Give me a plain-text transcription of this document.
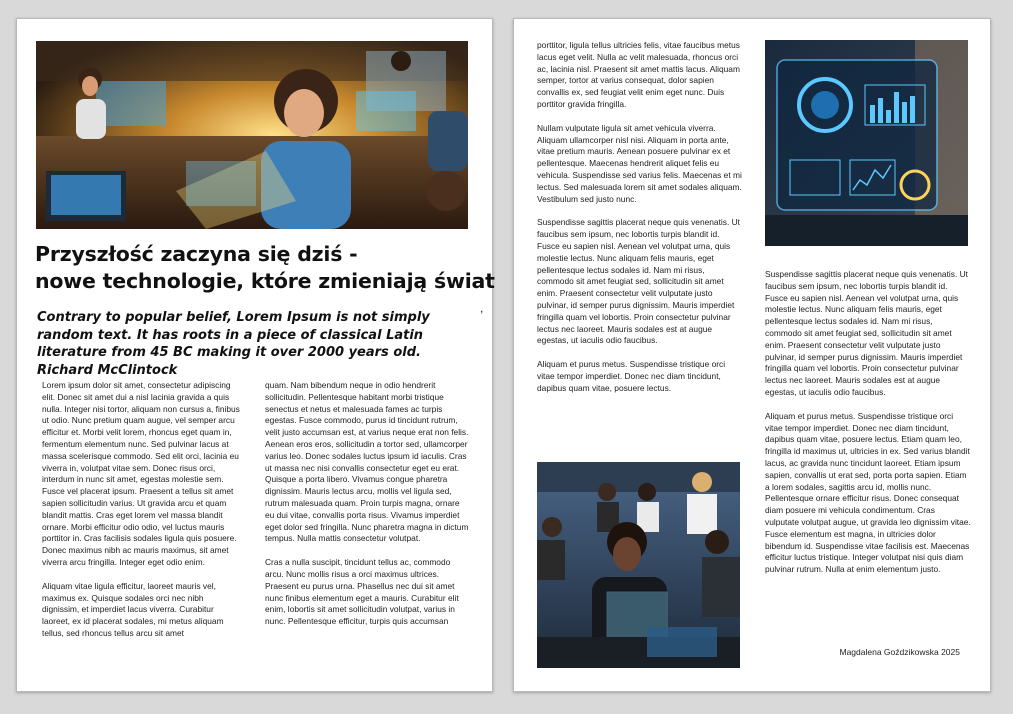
Przyszłość zaczyna się dziś -
nowe technologie, które zmieniają świat
,
Contrary to popular belief, Lorem Ipsum is not simply random text. It has roots in a piece of classical Latin literature from 45 BC making it over 2000 years old. Richard McClintock

Lorem ipsum dolor sit amet, consectetur adipiscing elit. Donec sit amet dui a nisl lacinia gravida a quis nulla. Integer nisi tortor, aliquam non cursus a, finibus ut odio. Nunc pretium quam augue, vel semper arcu efficitur et. Morbi velit lorem, rhoncus eget quam in, fermentum elementum nunc. Sed pulvinar lacus at massa scelerisque commodo. Sed elit orci, lacinia eu viverra in, volutpat vitae sem. Donec risus orci, interdum in nunc sit amet, egestas molestie sem. Fusce vel placerat ipsum. Praesent a tellus sit amet sapien sollicitudin varius. Ut gravida arcu et quam blandit mattis. Cras eget lorem vel massa blandit ornare. Morbi efficitur odio odio, vel luctus mauris porttitor in. Cras facilisis sodales ligula quis posuere. Donec maximus nibh ac mauris maximus, sit amet viverra arcu fringilla. Integer eget odio enim.

Aliquam vitae ligula efficitur, laoreet mauris vel, maximus ex. Quisque sodales orci nec nibh dignissim, et imperdiet lacus viverra. Curabitur laoreet, ex id placerat sodales, mi metus aliquam tellus, sed rhoncus tellus arcu sit amet

quam. Nam bibendum neque in odio hendrerit sollicitudin. Pellentesque habitant morbi tristique senectus et netus et malesuada fames ac turpis egestas. Fusce commodo, purus id tincidunt rutrum, velit justo accumsan est, at varius neque erat non felis. Aenean eros eros, sollicitudin a tortor sed, ullamcorper varius leo. Donec sodales luctus ipsum id iaculis. Cras ut massa nec nisi convallis consectetur eget eu erat. Quisque a porta libero. Vivamus congue pharetra dignissim. Mauris lectus arcu, mollis vel ligula sed, rutrum malesuada quam. Proin turpis magna, ornare eu dui vitae, convallis porta risus. Vivamus imperdiet eget dolor sed fringilla. Nunc pharetra magna in dictum tempus. Nulla mattis consectetur volutpat.

Cras a nulla suscipit, tincidunt tellus ac, commodo arcu. Nunc mollis risus a orci maximus ultrices. Praesent eu purus urna. Phasellus nec dui sit amet nunc finibus elementum eget a mauris. Curabitur elit enim, lobortis sit amet sollicitudin volutpat, varius in nunc. Pellentesque efficitur, turpis quis accumsan

porttitor, ligula tellus ultricies felis, vitae faucibus metus lacus eget velit. Nulla ac velit malesuada, rhoncus orci ac, lacinia nisl. Praesent sit amet mattis lacus. Aliquam semper, tortor at varius consequat, dolor sapien convallis ex, sed feugiat velit enim eget nunc. Duis porttitor gravida fringilla.

Nullam vulputate ligula sit amet vehicula viverra. Aliquam ullamcorper nisl nisi. Aliquam in porta ante, vitae pretium mauris. Aenean posuere pulvinar ex et pellentesque. Maecenas hendrerit aliquet felis eu vehicula. Suspendisse sed varius felis. Maecenas et mi lectus. Sed malesuada lorem sit amet sodales aliquam. Vestibulum sed justo nunc.

Suspendisse sagittis placerat neque quis venenatis. Ut faucibus sem ipsum, nec lobortis turpis blandit id. Fusce eu sapien nisl. Aenean vel volutpat urna, quis molestie lectus. Nunc aliquam felis mauris, eget pellentesque lectus sodales id. Nam mi risus, commodo sit amet feugiat sed, sollicitudin sit amet enim. Praesent consectetur velit vulputate justo pulvinar, id semper purus dignissim. Mauris imperdiet fringilla quam vel lobortis. Proin consectetur pulvinar lectus nec laoreet. Mauris sodales est at augue egestas, ut iaculis odio faucibus.

Aliquam et purus metus. Suspendisse tristique orci vitae tempor imperdiet. Donec nec diam tincidunt, dapibus quam vitae, posuere lectus.

Suspendisse sagittis placerat neque quis venenatis. Ut faucibus sem ipsum, nec lobortis turpis blandit id. Fusce eu sapien nisl. Aenean vel volutpat urna, quis molestie lectus. Nunc aliquam felis mauris, eget pellentesque lectus sodales id. Nam mi risus, commodo sit amet feugiat sed, sollicitudin sit amet enim. Praesent consectetur velit vulputate justo pulvinar, id semper purus dignissim. Mauris imperdiet fringilla quam vel lobortis. Proin consectetur pulvinar lectus nec laoreet. Mauris sodales est at augue egestas, ut iaculis odio faucibus.

Aliquam et purus metus. Suspendisse tristique orci vitae tempor imperdiet. Donec nec diam tincidunt, dapibus quam vitae, posuere lectus. Etiam quam leo, fringilla id maximus ut, ultricies in ex. Sed varius blandit lacus, ac gravida nunc tincidunt laoreet. Etiam ipsum sapien, convallis ut erat sed, porta porta sapien. Etiam a lorem sodales, sagittis arcu id, mollis nunc. Pellentesque ornare efficitur risus. Donec consequat diam posuere mi vehicula condimentum. Cras vulputate volutpat augue, ut gravida leo dignissim vitae. Fusce elementum est magna, in ultricies dolor bibendum id. Suspendisse vitae facilisis est. Maecenas efficitur luctus tristique. Integer volutpat nisi quis diam pulvinar rutrum. Nulla at enim elementum justo.

Magdalena Goździkowska 2025
